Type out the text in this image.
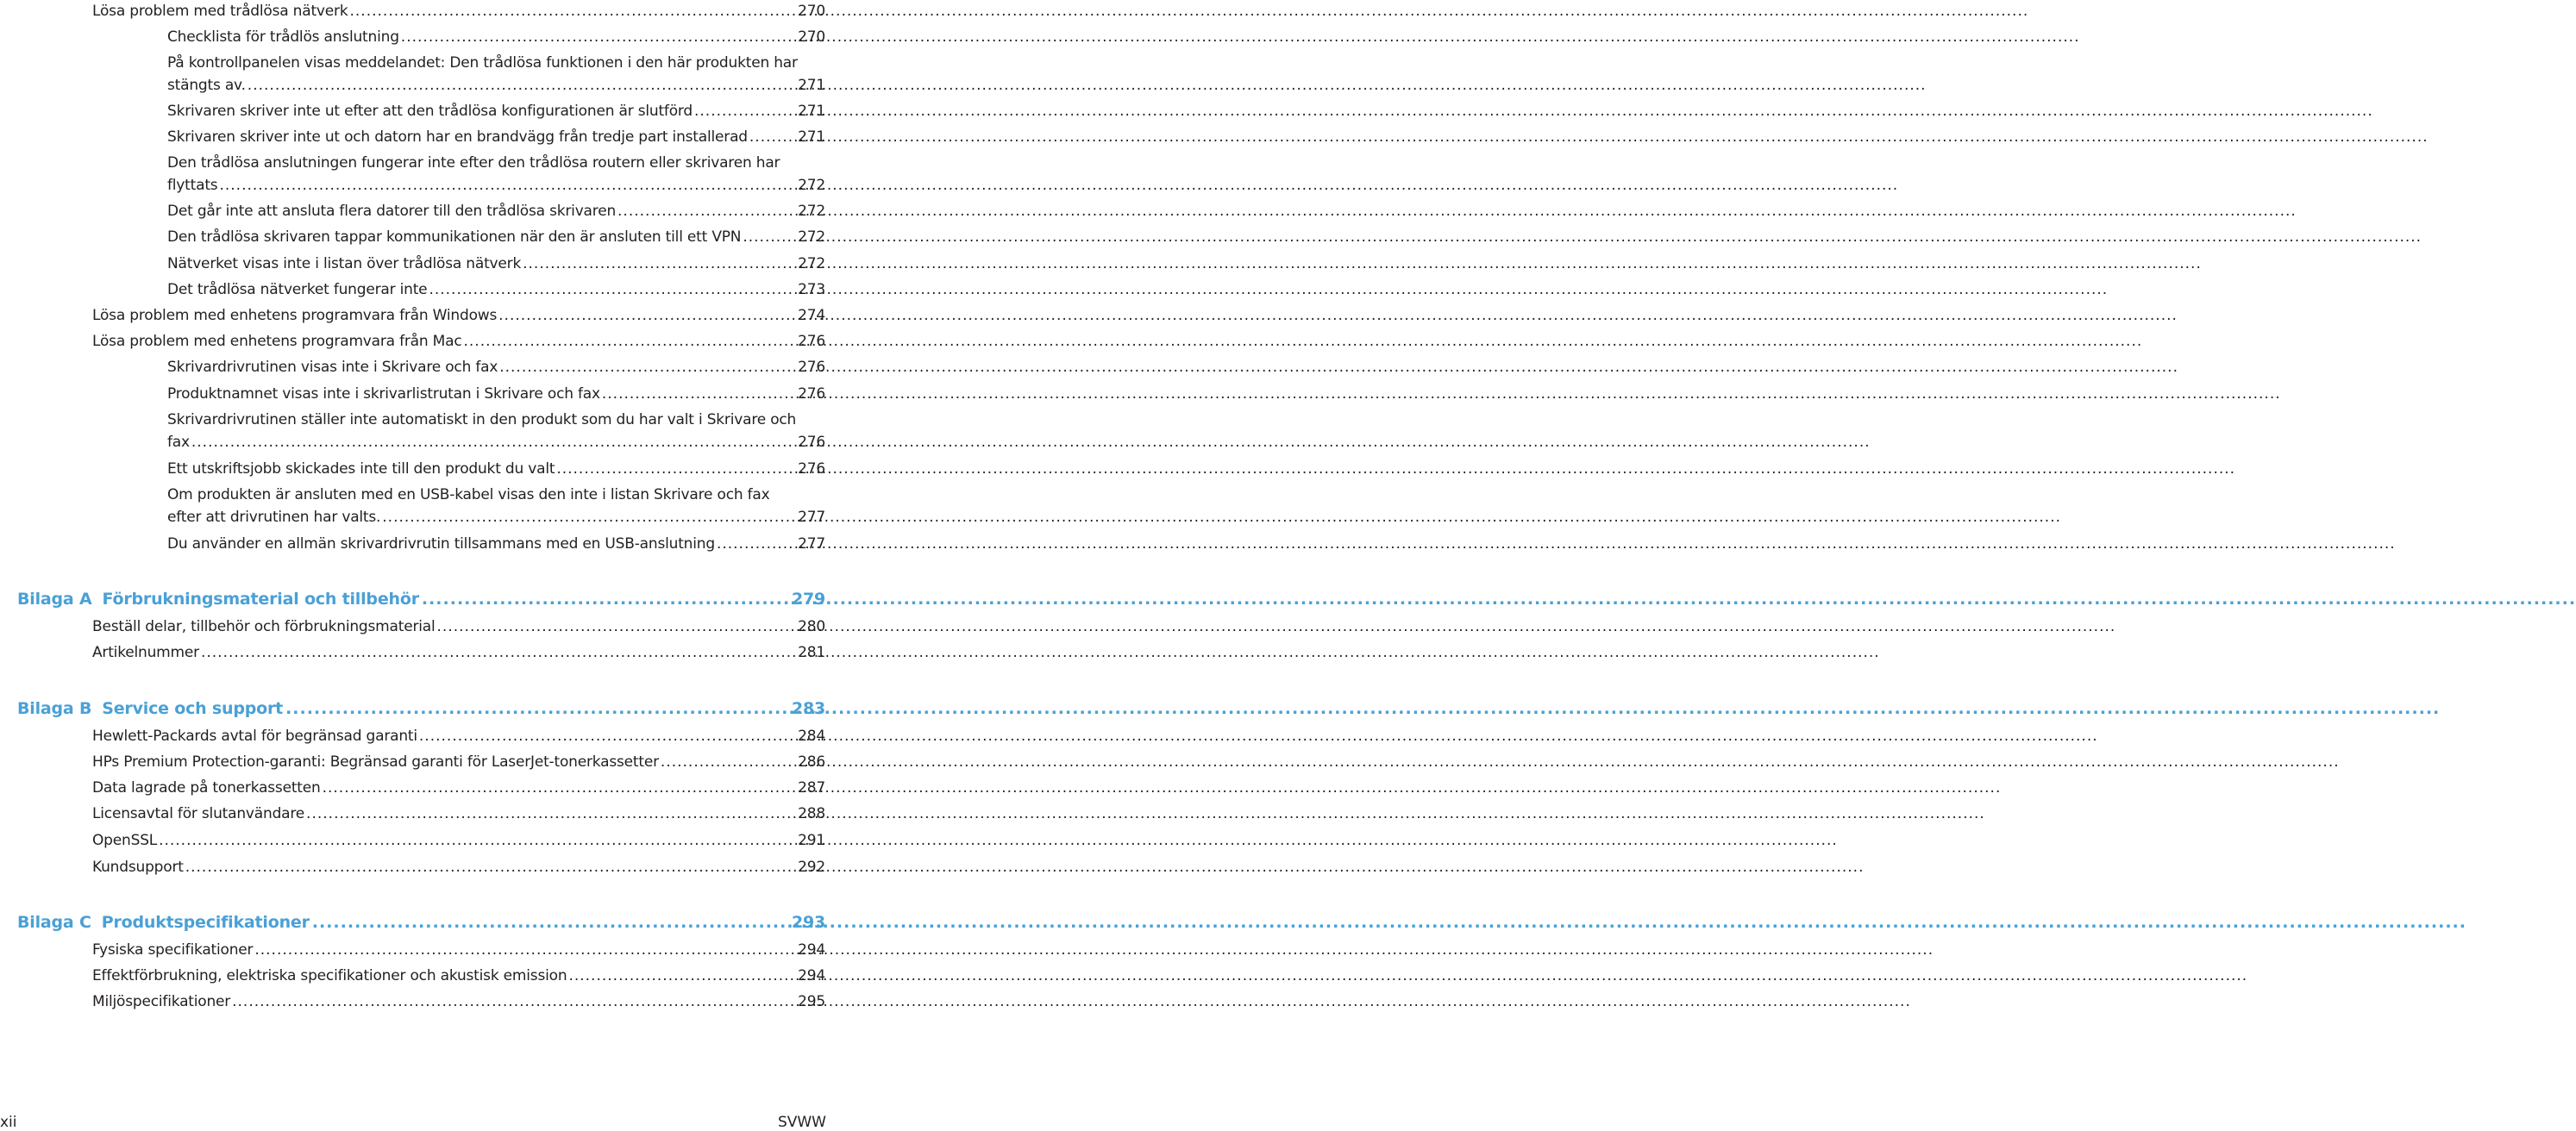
Lösa problem med trådlösa nätverk .....	270
Checklista för trådlös anslutning .....	270
På kontrollpanelen visas meddelandet: Den trådlösa funktionen i den här produkten har
stängts av. .....	271
Skrivaren skriver inte ut efter att den trådlösa konfigurationen är slutförd .....	271
Skrivaren skriver inte ut och datorn har en brandvägg från tredje part installerad .....	271
Den trådlösa anslutningen fungerar inte efter den trådlösa routern eller skrivaren har
flyttats .....	272
Det går inte att ansluta flera datorer till den trådlösa skrivaren .....	272
Den trådlösa skrivaren tappar kommunikationen när den är ansluten till ett VPN .....	272
Nätverket visas inte i listan över trådlösa nätverk .....	272
Det trådlösa nätverket fungerar inte .....	273
Lösa problem med enhetens programvara från Windows .....	274
Lösa problem med enhetens programvara från Mac .....	276
Skrivardrivrutinen visas inte i Skrivare och fax .....	276
Produktnamnet visas inte i skrivarlistrutan i Skrivare och fax .....	276
Skrivardrivrutinen ställer inte automatiskt in den produkt som du har valt i Skrivare och
fax .....	276
Ett utskriftsjobb skickades inte till den produkt du valt .....	276
Om produkten är ansluten med en USB-kabel visas den inte i listan Skrivare och fax
efter att drivrutinen har valts. .....	277
Du använder en allmän skrivardrivrutin tillsammans med en USB-anslutning .....	277
Bilaga A Förbrukningsmaterial och tillbehör .....	279
Beställ delar, tillbehör och förbrukningsmaterial .....	280
Artikelnummer .....	281
Bilaga B Service och support .....	283
Hewlett-Packards avtal för begränsad garanti .....	284
HPs Premium Protection-garanti: Begränsad garanti för LaserJet-tonerkassetter .....	286
Data lagrade på tonerkassetten .....	287
Licensavtal för slutanvändare .....	288
OpenSSL .....	291
Kundsupport .....	292
Bilaga C Produktspecifikationer .....	293
Fysiska specifikationer .....	294
Effektförbrukning, elektriska specifikationer och akustisk emission .....	294
Miljöspecifikationer .....	295
xii	SVWW
